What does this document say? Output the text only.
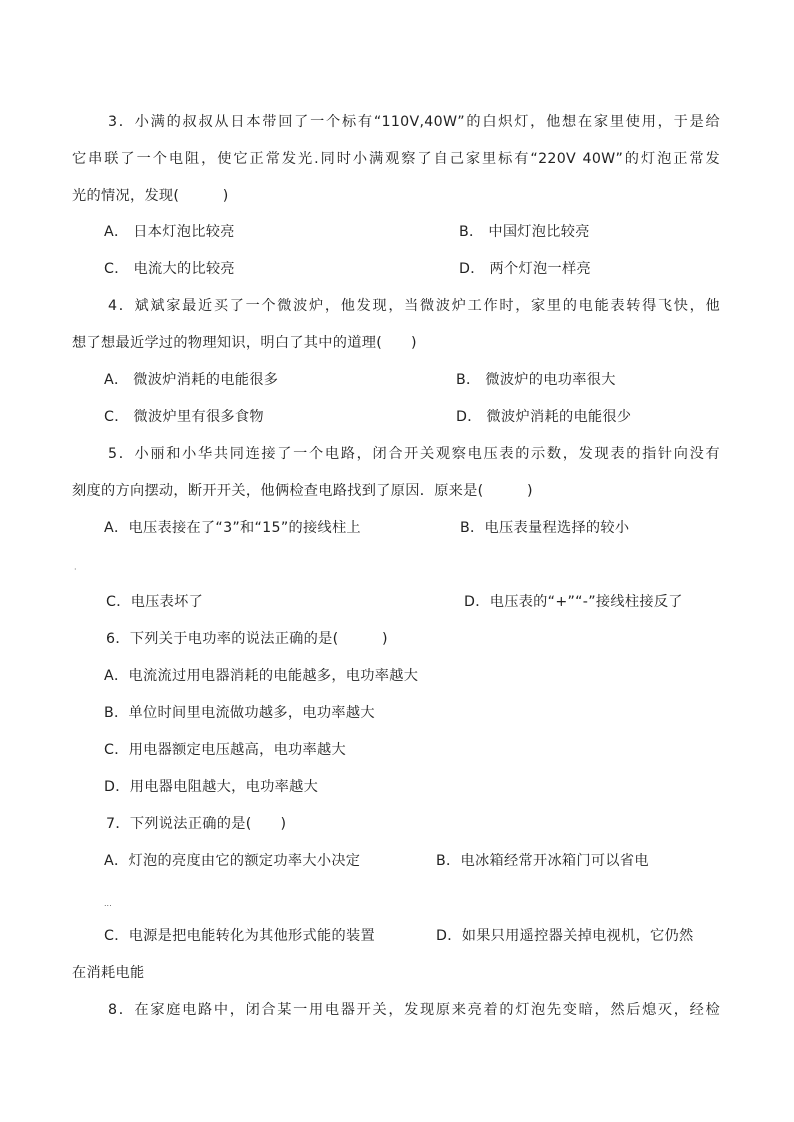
3．小满的叔叔从日本带回了一个标有“110V,40W”的白炽灯，他想在家里使用，于是给
它串联了一个电阻，使它正常发光.同时小满观察了自己家里标有“220V 40W”的灯泡正常发
光的情况，发现(　　　)
A． 日本灯泡比较亮	B． 中国灯泡比较亮
C． 电流大的比较亮	D． 两个灯泡一样亮
4．斌斌家最近买了一个微波炉，他发现，当微波炉工作时，家里的电能表转得飞快，他
想了想最近学过的物理知识，明白了其中的道理(　　)
A． 微波炉消耗的电能很多	B． 微波炉的电功率很大
C． 微波炉里有很多食物	D． 微波炉消耗的电能很少
5．小丽和小华共同连接了一个电路，闭合开关观察电压表的示数，发现表的指针向没有
刻度的方向摆动，断开开关，他俩检查电路找到了原因．原来是(　　　)
A．电压表接在了“3”和“15”的接线柱上	B．电压表量程选择的较小
·
C．电压表坏了	D．电压表的“+”“-”接线柱接反了
6．下列关于电功率的说法正确的是(　　　)
A．电流流过用电器消耗的电能越多，电功率越大
B．单位时间里电流做功越多，电功率越大
C．用电器额定电压越高，电功率越大
D．用电器电阻越大，电功率越大
7．下列说法正确的是(　　)
A．灯泡的亮度由它的额定功率大小决定	B．电冰箱经常开冰箱门可以省电
...
C．电源是把电能转化为其他形式能的装置	D．如果只用遥控器关掉电视机，它仍然
在消耗电能
8．在家庭电路中，闭合某一用电器开关，发现原来亮着的灯泡先变暗，然后熄灭，经检
